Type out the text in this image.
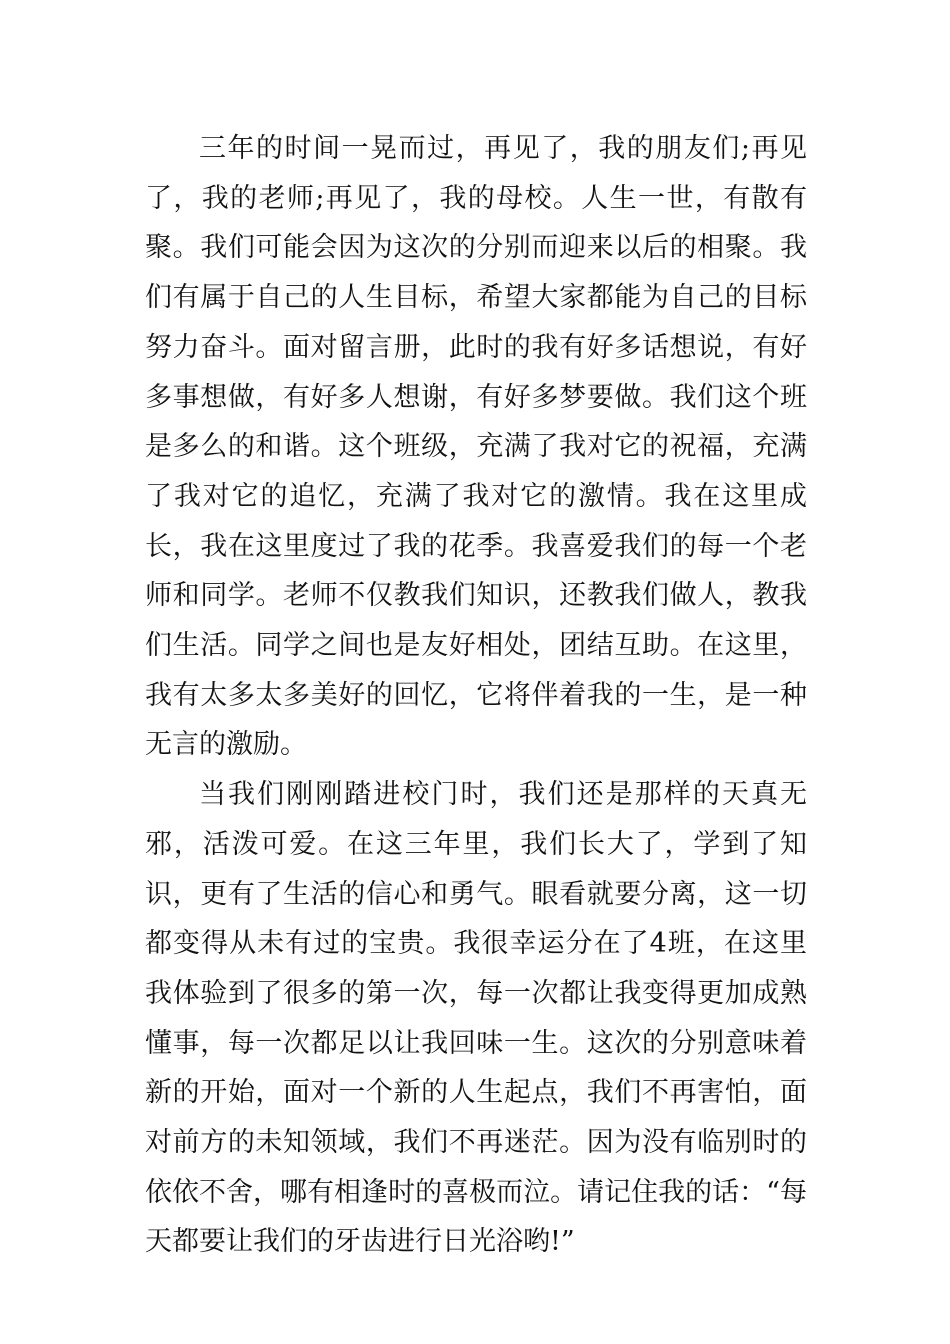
三年的时间一晃而过，再见了，我的朋友们;再见了，我的老师;再见了，我的母校。人生一世，有散有聚。我们可能会因为这次的分别而迎来以后的相聚。我们有属于自己的人生目标，希望大家都能为自己的目标努力奋斗。面对留言册，此时的我有好多话想说，有好多事想做，有好多人想谢，有好多梦要做。我们这个班是多么的和谐。这个班级，充满了我对它的祝福，充满了我对它的追忆，充满了我对它的激情。我在这里成长，我在这里度过了我的花季。我喜爱我们的每一个老师和同学。老师不仅教我们知识，还教我们做人，教我们生活。同学之间也是友好相处，团结互助。在这里，我有太多太多美好的回忆，它将伴着我的一生，是一种无言的激励。

当我们刚刚踏进校门时，我们还是那样的天真无邪，活泼可爱。在这三年里，我们长大了，学到了知识，更有了生活的信心和勇气。眼看就要分离，这一切都变得从未有过的宝贵。我很幸运分在了4班，在这里我体验到了很多的第一次，每一次都让我变得更加成熟懂事，每一次都足以让我回味一生。这次的分别意味着新的开始，面对一个新的人生起点，我们不再害怕，面对前方的未知领域，我们不再迷茫。因为没有临别时的依依不舍，哪有相逢时的喜极而泣。请记住我的话：“每天都要让我们的牙齿进行日光浴哟!”
